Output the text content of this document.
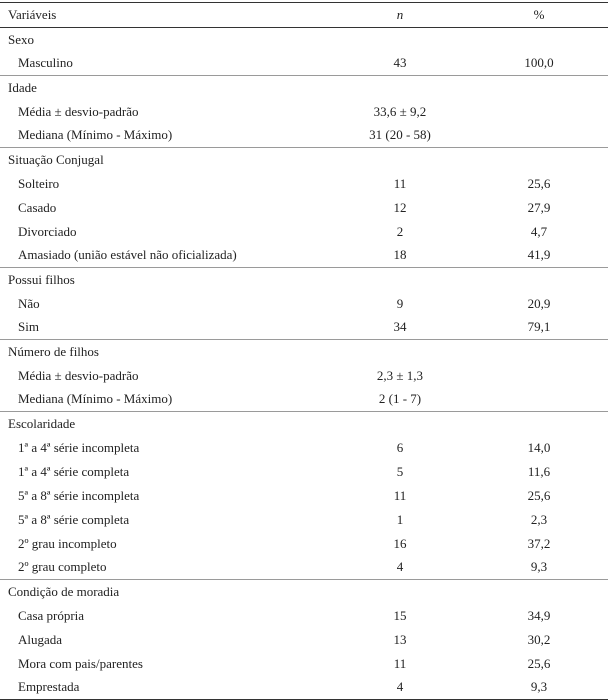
Variáveis	n	%
Sexo		
Masculino	43	100,0
Idade		
Média ± desvio-padrão	33,6 ± 9,2	
Mediana (Mínimo - Máximo)	31 (20 - 58)	
Situação Conjugal		
Solteiro	11	25,6
Casado	12	27,9
Divorciado	2	4,7
Amasiado (união estável não oficializada)	18	41,9
Possui filhos		
Não	9	20,9
Sim	34	79,1
Número de filhos		
Média ± desvio-padrão	2,3 ± 1,3	
Mediana (Mínimo - Máximo)	2 (1 - 7)	
Escolaridade		
1ª a 4ª série incompleta	6	14,0
1ª a 4ª série completa	5	11,6
5ª a 8ª série incompleta	11	25,6
5ª a 8ª série completa	1	2,3
2º grau incompleto	16	37,2
2º grau completo	4	9,3
Condição de moradia		
Casa própria	15	34,9
Alugada	13	30,2
Mora com pais/parentes	11	25,6
Emprestada	4	9,3
